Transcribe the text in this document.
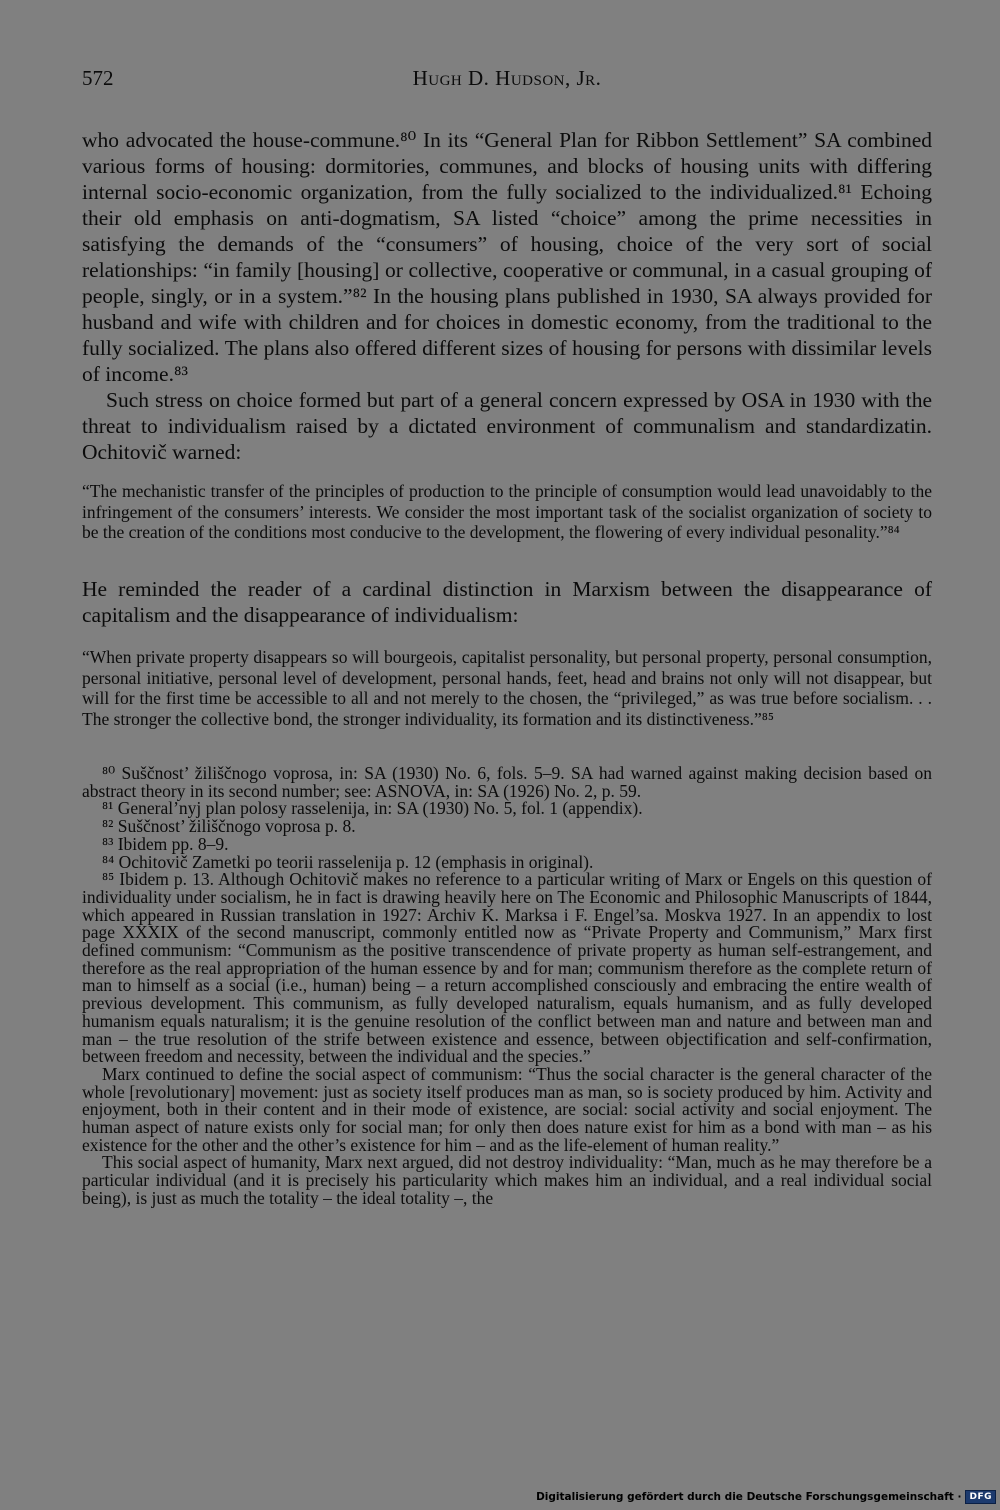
572	Hugh D. Hudson, Jr.

who advocated the house-commune.⁸⁰ In its “General Plan for Ribbon Settlement” SA combined various forms of housing: dormitories, communes, and blocks of housing units with differing internal socio-economic organization, from the fully socialized to the individualized.⁸¹ Echoing their old emphasis on anti-dogmatism, SA listed “choice” among the prime necessities in satisfying the demands of the “consumers” of housing, choice of the very sort of social relationships: “in family [housing] or collective, cooperative or communal, in a casual grouping of people, singly, or in a system.”⁸² In the housing plans published in 1930, SA always provided for husband and wife with children and for choices in domestic economy, from the traditional to the fully socialized. The plans also offered different sizes of housing for persons with dissimilar levels of income.⁸³

Such stress on choice formed but part of a general concern expressed by OSA in 1930 with the threat to individualism raised by a dictated environment of communalism and standardizatin. Ochitovič warned:

“The mechanistic transfer of the principles of production to the principle of consumption would lead unavoidably to the infringement of the consumers’ interests. We consider the most important task of the socialist organization of society to be the creation of the conditions most conducive to the development, the flowering of every individual pesonality.”⁸⁴

He reminded the reader of a cardinal distinction in Marxism between the disappearance of capitalism and the disappearance of individualism:

“When private property disappears so will bourgeois, capitalist personality, but personal property, personal consumption, personal initiative, personal level of development, personal hands, feet, head and brains not only will not disappear, but will for the first time be accessible to all and not merely to the chosen, the “privileged,” as was true before socialism. . . The stronger the collective bond, the stronger individuality, its formation and its distinctiveness.”⁸⁵

⁸⁰ Suščnost’ žiliščnogo voprosa, in: SA (1930) No. 6, fols. 5–9. SA had warned against making decision based on abstract theory in its second number; see: ASNOVA, in: SA (1926) No. 2, p. 59.

⁸¹ General’nyj plan polosy rasselenija, in: SA (1930) No. 5, fol. 1 (appendix).

⁸² Suščnost’ žiliščnogo voprosa p. 8.

⁸³ Ibidem pp. 8–9.

⁸⁴ Ochitovič Zametki po teorii rasselenija p. 12 (emphasis in original).

⁸⁵ Ibidem p. 13. Although Ochitovič makes no reference to a particular writing of Marx or Engels on this question of individuality under socialism, he in fact is drawing heavily here on The Economic and Philosophic Manuscripts of 1844, which appeared in Russian translation in 1927: Archiv K. Marksa i F. Engel’sa. Moskva 1927. In an appendix to lost page XXXIX of the second manuscript, commonly entitled now as “Private Property and Communism,” Marx first defined communism: “Communism as the positive transcendence of private property as human self-estrangement, and therefore as the real appropriation of the human essence by and for man; communism therefore as the complete return of man to himself as a social (i.e., human) being – a return accomplished consciously and embracing the entire wealth of previous development. This communism, as fully developed naturalism, equals humanism, and as fully developed humanism equals naturalism; it is the genuine resolution of the conflict between man and nature and between man and man – the true resolution of the strife between existence and essence, between objectification and self-confirmation, between freedom and necessity, between the individual and the species.”

Marx continued to define the social aspect of communism: “Thus the social character is the general character of the whole [revolutionary] movement: just as society itself produces man as man, so is society produced by him. Activity and enjoyment, both in their content and in their mode of existence, are social: social activity and social enjoyment. The human aspect of nature exists only for social man; for only then does nature exist for him as a bond with man – as his existence for the other and the other’s existence for him – and as the life-element of human reality.”

This social aspect of humanity, Marx next argued, did not destroy individuality: “Man, much as he may therefore be a particular individual (and it is precisely his particularity which makes him an individual, and a real individual social being), is just as much the totality – the ideal totality –, the

Digitalisierung gefördert durch die Deutsche Forschungsgemeinschaft · DFG
